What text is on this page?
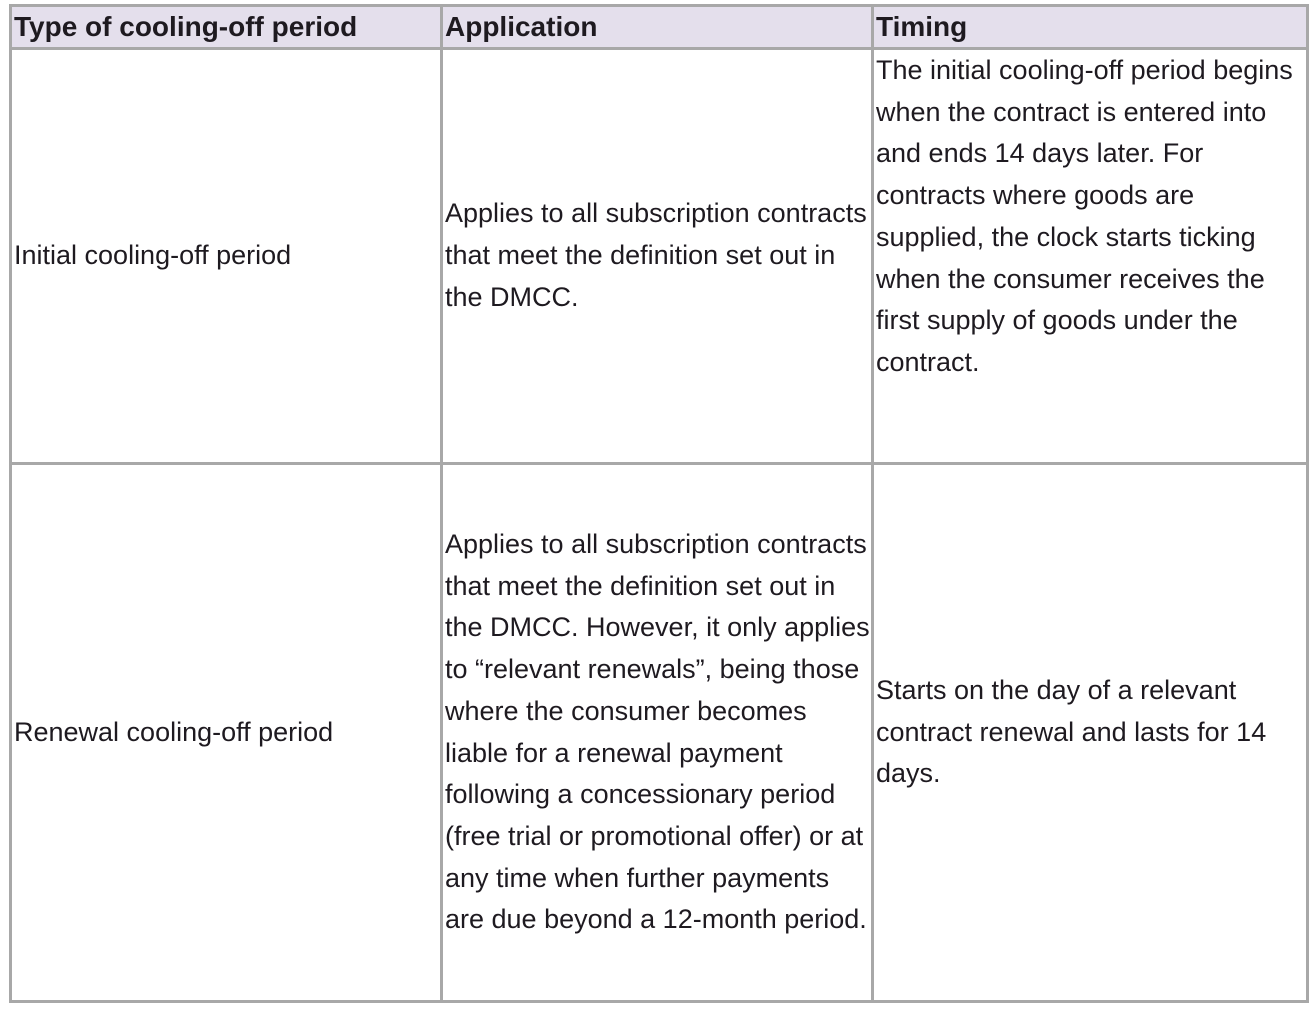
Type of cooling-off period	Application	Timing
Initial cooling-off period	Applies to all subscription contracts that meet the definition set out in the DMCC.	The initial cooling-off period begins when the contract is entered into and ends 14 days later. For contracts where goods are supplied, the clock starts ticking when the consumer receives the first supply of goods under the contract.
Renewal cooling-off period	Applies to all subscription contracts that meet the definition set out in the DMCC. However, it only applies to “relevant renewals”, being those where the consumer becomes liable for a renewal payment following a concessionary period (free trial or promotional offer) or at any time when further payments are due beyond a 12-month period.	Starts on the day of a relevant contract renewal and lasts for 14 days.
